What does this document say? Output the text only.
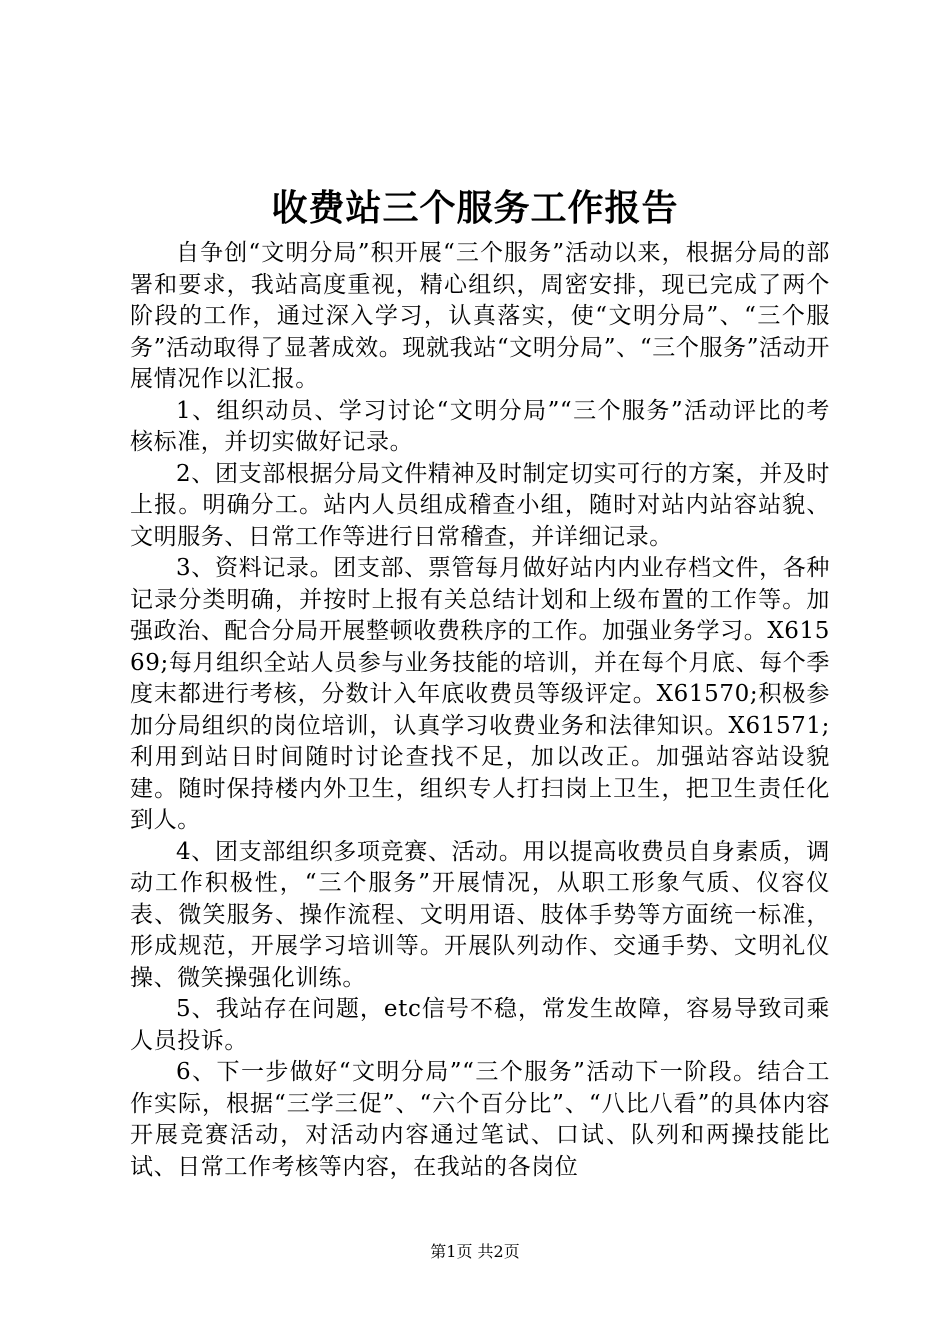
收费站三个服务工作报告

自争创“文明分局”积开展“三个服务”活动以来，根据分局的部署和要求，我站高度重视，精心组织，周密安排，现已完成了两个阶段的工作，通过深入学习，认真落实，使“文明分局”、“三个服务”活动取得了显著成效。现就我站“文明分局”、“三个服务”活动开展情况作以汇报。

1、组织动员、学习讨论“文明分局”“三个服务”活动评比的考核标准，并切实做好记录。

2、团支部根据分局文件精神及时制定切实可行的方案，并及时上报。明确分工。站内人员组成稽查小组，随时对站内站容站貌、文明服务、日常工作等进行日常稽查，并详细记录。

3、资料记录。团支部、票管每月做好站内内业存档文件，各种记录分类明确，并按时上报有关总结计划和上级布置的工作等。加强政治、配合分局开展整顿收费秩序的工作。加强业务学习。X61569;每月组织全站人员参与业务技能的培训，并在每个月底、每个季度末都进行考核，分数计入年底收费员等级评定。X61570;积极参加分局组织的岗位培训，认真学习收费业务和法律知识。X61571;利用到站日时间随时讨论查找不足，加以改正。加强站容站设貌建。随时保持楼内外卫生，组织专人打扫岗上卫生，把卫生责任化到人。

4、团支部组织多项竞赛、活动。用以提高收费员自身素质，调动工作积极性，“三个服务”开展情况，从职工形象气质、仪容仪表、微笑服务、操作流程、文明用语、肢体手势等方面统一标准，形成规范，开展学习培训等。开展队列动作、交通手势、文明礼仪操、微笑操强化训练。

5、我站存在问题，etc信号不稳，常发生故障，容易导致司乘人员投诉。

6、下一步做好“文明分局”“三个服务”活动下一阶段。结合工作实际，根据“三学三促”、“六个百分比”、“八比八看”的具体内容开展竞赛活动，对活动内容通过笔试、口试、队列和两操技能比试、日常工作考核等内容，在我站的各岗位

第1页 共2页
